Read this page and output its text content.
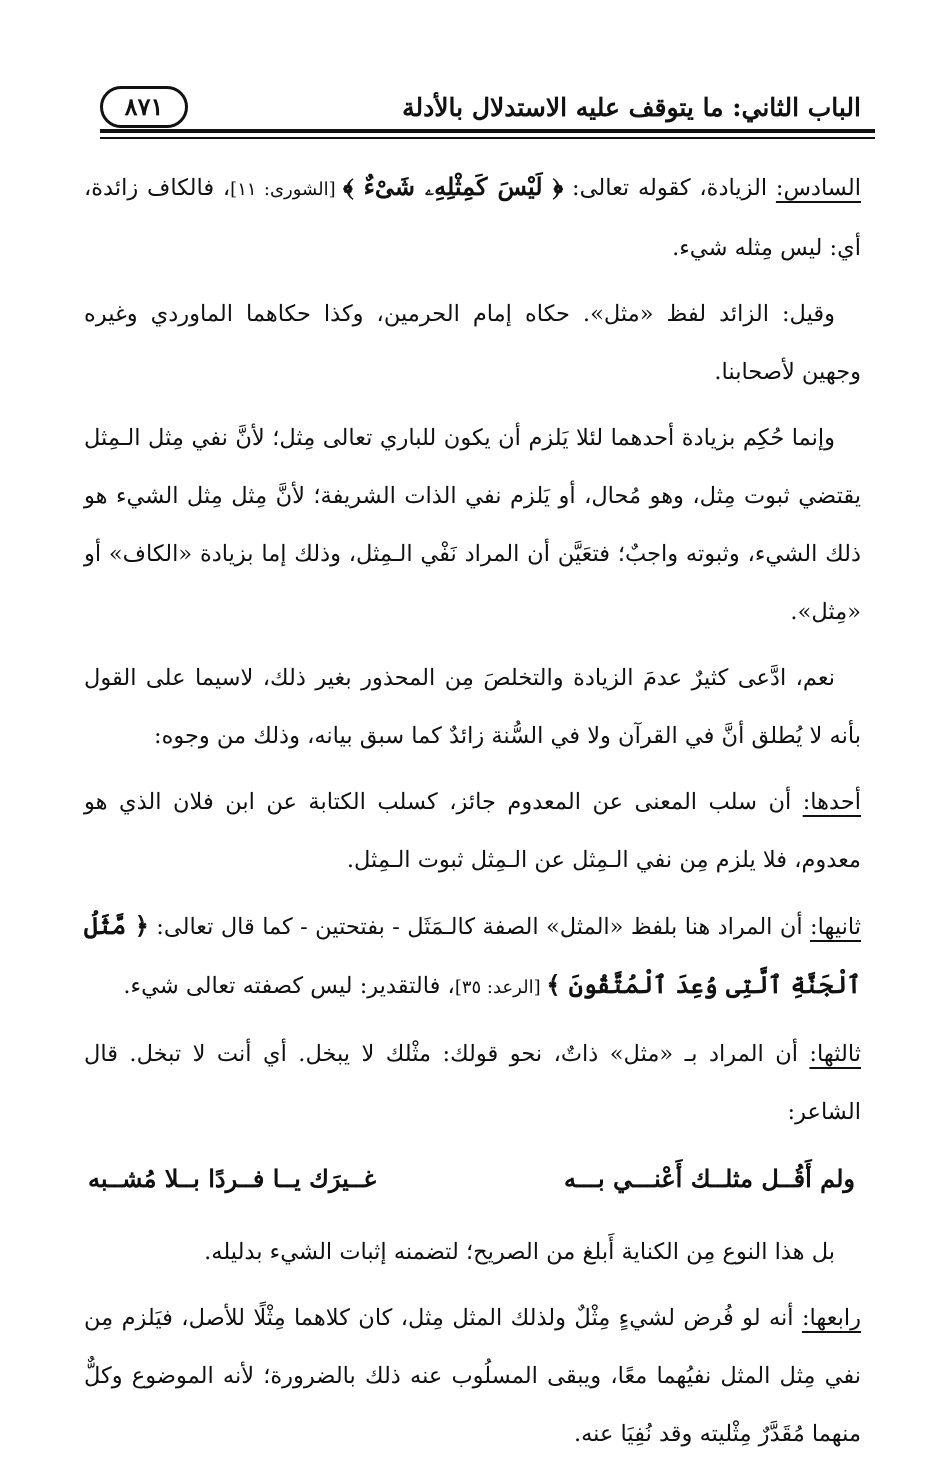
الباب الثاني: ما يتوقف عليه الاستدلال بالأدلة
٨٧١

السادس: الزيادة، كقوله تعالى: ﴿ لَيْسَ كَمِثْلِهِۦ شَىْءٌ ﴾ [الشورى: ١١]، فالكاف زائدة، أي: ليس مِثله شيء.

وقيل: الزائد لفظ «مثل». حكاه إمام الحرمين، وكذا حكاهما الماوردي وغيره وجهين لأصحابنا.

وإنما حُكِم بزيادة أحدهما لئلا يَلزم أن يكون للباري تعالى مِثل؛ لأنَّ نفي مِثل الـمِثل يقتضي ثبوت مِثل، وهو مُحال، أو يَلزم نفي الذات الشريفة؛ لأنَّ مِثل مِثل الشيء هو ذلك الشيء، وثبوته واجبٌ؛ فتعَيَّن أن المراد نَفْي الـمِثل، وذلك إما بزيادة «الكاف» أو «مِثل».

نعم، ادَّعى كثيرٌ عدمَ الزيادة والتخلصَ مِن المحذور بغير ذلك، لاسيما على القول بأنه لا يُطلق أنَّ في القرآن ولا في السُّنة زائدٌ كما سبق بيانه، وذلك من وجوه:

أحدها: أن سلب المعنى عن المعدوم جائز، كسلب الكتابة عن ابن فلان الذي هو معدوم، فلا يلزم مِن نفي الـمِثل عن الـمِثل ثبوت الـمِثل.

ثانيها: أن المراد هنا بلفظ «المثل» الصفة كالـمَثَل - بفتحتين - كما قال تعالى: ﴿ مَّثَلُ ٱلْجَنَّةِ ٱلَّتِى وُعِدَ ٱلْمُتَّقُونَ ﴾ [الرعد: ٣٥]، فالتقدير: ليس كصفته تعالى شيء.

ثالثها: أن المراد بـ «مثل» ذاتٌ، نحو قولك: مثْلك لا يبخل. أي أنت لا تبخل. قال الشاعر:

ولم أَقُــل مثلــك أَعْنـــي بـــه
غــيرَك يــا فــردًا بــلا مُشــبه

بل هذا النوع مِن الكناية أَبلغ من الصريح؛ لتضمنه إثبات الشيء بدليله.

رابعها: أنه لو فُرض لشيءٍ مِثْلٌ ولذلك المثل مِثل، كان كلاهما مِثْلًا للأصل، فيَلزم مِن نفي مِثل المثل نفيُهما معًا، ويبقى المسلُوب عنه ذلك بالضرورة؛ لأنه الموضوع وكلٌّ منهما مُقَدَّرٌ مِثْليته وقد نُفِيَا عنه.
